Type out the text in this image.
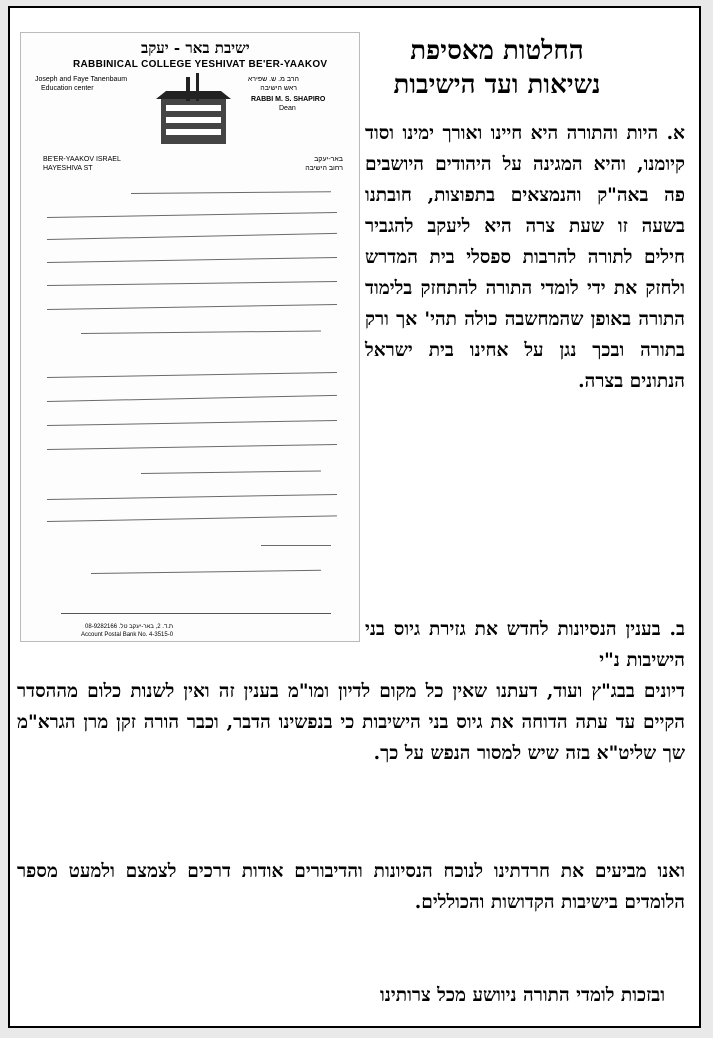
ישיבת באר - יעקב
RABBINICAL COLLEGE YESHIVAT BE'ER-YAAKOV
Joseph and Faye Tanenbaum
Education center
הרב מ. ש. שפירא
ראש הישיבה
RABBI M. S. SHAPIRO
Dean
BE'ER-YAAKOV ISRAEL
HAYESHIVA ST
באר-יעקב
רחוב הישיבה
ת.ד. 2, באר-יעקב טל. 08-9282166
Account Postal Bank No. 4-3515-0
החלטות מאסיפת
נשיאות ועד הישיבות
א. היות והתורה היא חיינו ואורך ימינו וסוד קיומנו, והיא המגינה על היהודים היושבים פה באה"ק והנמצאים בתפוצות, חובתנו בשעה זו שעת צרה היא ליעקב להגביר חילים לתורה להרבות ספסלי בית המדרש ולחזק את ידי לומדי התורה להתחזק בלימוד התורה באופן שהמחשבה כולה תהי' אך ורק בתורה ובכך נגן על אחינו בית ישראל הנתונים בצרה.
ב. בענין הנסיונות לחדש את גזירת גיוס בני הישיבות נ"י
דיונים בבג"ץ ועוד, דעתנו שאין כל מקום לדיון ומו"מ בענין זה ואין לשנות כלום מההסדר הקיים עד עתה הדוחה את גיוס בני הישיבות כי בנפשינו הדבר, וכבר הורה זקן מרן הגרא"מ שך שליט"א בזה שיש למסור הנפש על כך.
ואנו מביעים את חרדתינו לנוכח הנסיונות והדיבורים אודות דרכים לצמצם ולמעט מספר הלומדים בישיבות הקדושות והכוללים.
ובזכות לומדי התורה ניוושע מכל צרותינו
